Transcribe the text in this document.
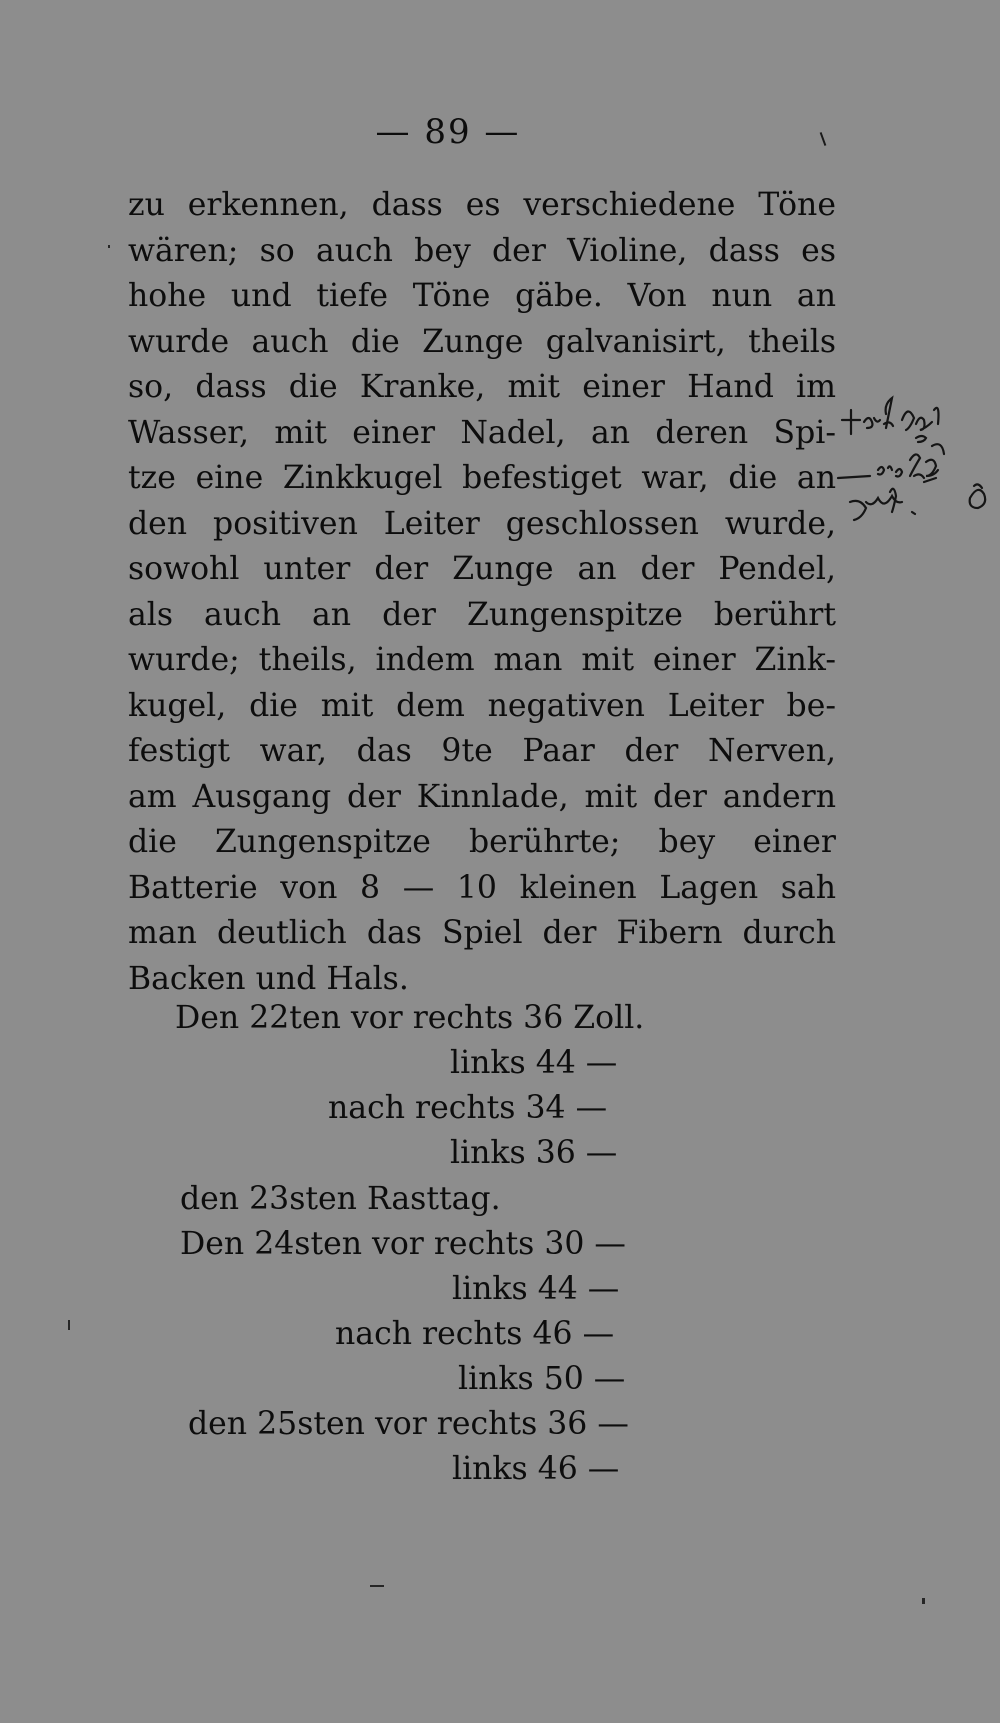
— 89 —
zu erkennen, dass es verschiedene Töne
wären; so auch bey der Violine, dass es
hohe und tiefe Töne gäbe. Von nun an
wurde auch die Zunge galvanisirt, theils
so, dass die Kranke, mit einer Hand im
Wasser, mit einer Nadel, an deren Spi-
tze eine Zinkkugel befestiget war, die an
den positiven Leiter geschlossen wurde,
sowohl unter der Zunge an der Pendel,
als auch an der Zungenspitze berührt
wurde; theils, indem man mit einer Zink-
kugel, die mit dem negativen Leiter be-
festigt war, das 9te Paar der Nerven,
am Ausgang der Kinnlade, mit der andern
die Zungenspitze berührte; bey einer
Batterie von 8 — 10 kleinen Lagen sah
man deutlich das Spiel der Fibern durch
Backen und Hals.
Den 22ten vor rechts 36 Zoll.
links 44 —
nach rechts 34 —
links 36 —
den 23sten Rasttag.
Den 24sten vor rechts 30 —
links 44 —
nach rechts 46 —
links 50 —
den 25sten vor rechts 36 —
links 46 —
